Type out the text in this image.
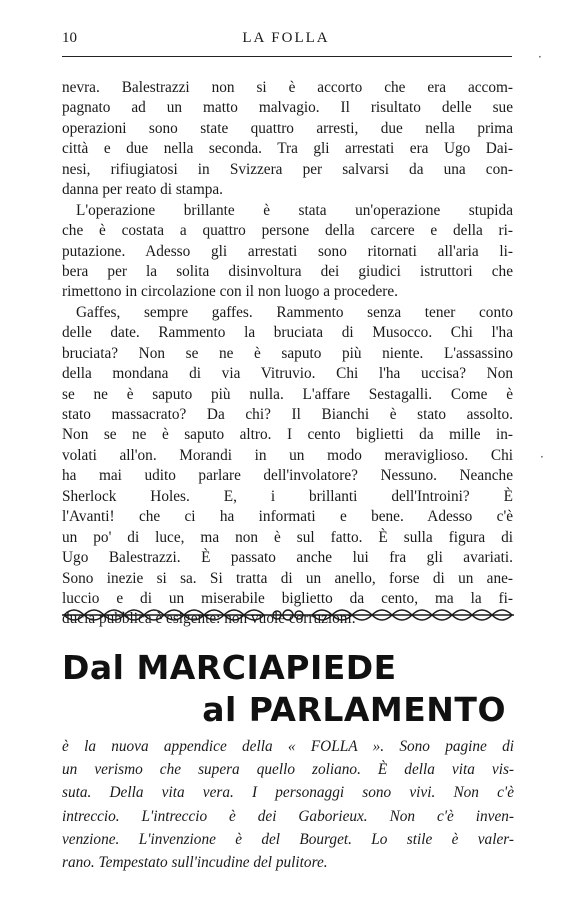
10	LA FOLLA
nevra. Balestrazzi non si è accorto che era accom-
pagnato ad un matto malvagio. Il risultato delle sue
operazioni sono state quattro arresti, due nella prima
città e due nella seconda. Tra gli arrestati era Ugo Dai-
nesi, rifiugiatosi in Svizzera per salvarsi da una con-
danna per reato di stampa.
L'operazione brillante è stata un'operazione stupida
che è costata a quattro persone della carcere e della ri-
putazione. Adesso gli arrestati sono ritornati all'aria li-
bera per la solita disinvoltura dei giudici istruttori che
rimettono in circolazione con il non luogo a procedere.
Gaffes, sempre gaffes. Rammento senza tener conto
delle date. Rammento la bruciata di Musocco. Chi l'ha
bruciata? Non se ne è saputo più niente. L'assassino
della mondana di via Vitruvio. Chi l'ha uccisa? Non
se ne è saputo più nulla. L'affare Sestagalli. Come è
stato massacrato? Da chi? Il Bianchi è stato assolto.
Non se ne è saputo altro. I cento biglietti da mille in-
volati all'on. Morandi in un modo meraviglioso. Chi
ha mai udito parlare dell'involatore? Nessuno. Neanche
Sherlock Holes. E, i brillanti dell'Introini? È
l'Avanti! che ci ha informati e bene. Adesso c'è
un po' di luce, ma non è sul fatto. È sulla figura di
Ugo Balestrazzi. È passato anche lui fra gli avariati.
Sono inezie si sa. Si tratta di un anello, forse di un ane-
luccio e di un miserabile biglietto da cento, ma la fi-
ducia pubblica è esigente: non vuole corruzioni.
Dal MARCIAPIEDE
al PARLAMENTO
è la nuova appendice della « FOLLA ». Sono pagine di
un verismo che supera quello zoliano. È della vita vis-
suta. Della vita vera. I personaggi sono vivi. Non c'è
intreccio. L'intreccio è dei Gaborieux. Non c'è inven-
venzione. L'invenzione è del Bourget. Lo stile è valer-
rano. Tempestato sull'incudine del pulitore.
·
·
